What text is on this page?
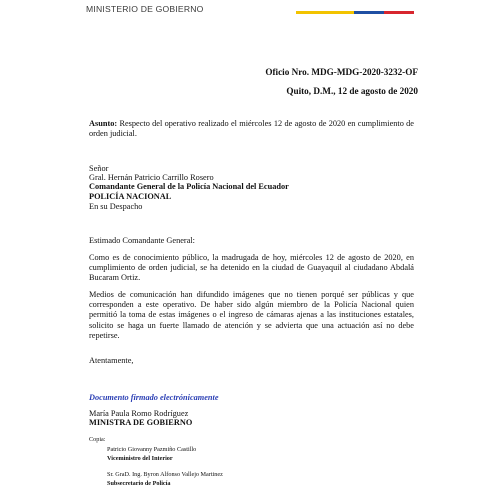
MINISTERIO DE GOBIERNO
Oficio Nro. MDG-MDG-2020-3232-OF
Quito, D.M., 12 de agosto de 2020
Asunto: Respecto del operativo realizado el miércoles 12 de agosto de 2020 en cumplimiento de orden judicial.
Señor
Gral. Hernán Patricio Carrillo Rosero
Comandante General de la Policía Nacional del Ecuador
POLICÍA NACIONAL
En su Despacho
Estimado Comandante General:
Como es de conocimiento público, la madrugada de hoy, miércoles 12 de agosto de 2020, en cumplimiento de orden judicial, se ha detenido en la ciudad de Guayaquil al ciudadano Abdalá Bucaram Ortiz.
Medios de comunicación han difundido imágenes que no tienen porqué ser públicas y que corresponden a este operativo. De haber sido algún miembro de la Policía Nacional quien permitió la toma de estas imágenes o el ingreso de cámaras ajenas a las instituciones estatales, solicito se haga un fuerte llamado de atención y se advierta que una actuación así no debe repetirse.
Atentamente,
Documento firmado electrónicamente
María Paula Romo Rodríguez
MINISTRA DE GOBIERNO
Copia:
Patricio Giovanny Pazmiño Castillo
Viceministro del Interior
Sr. GraD. Ing. Byron Alfonso Vallejo Martinez
Subsecretario de Policía
